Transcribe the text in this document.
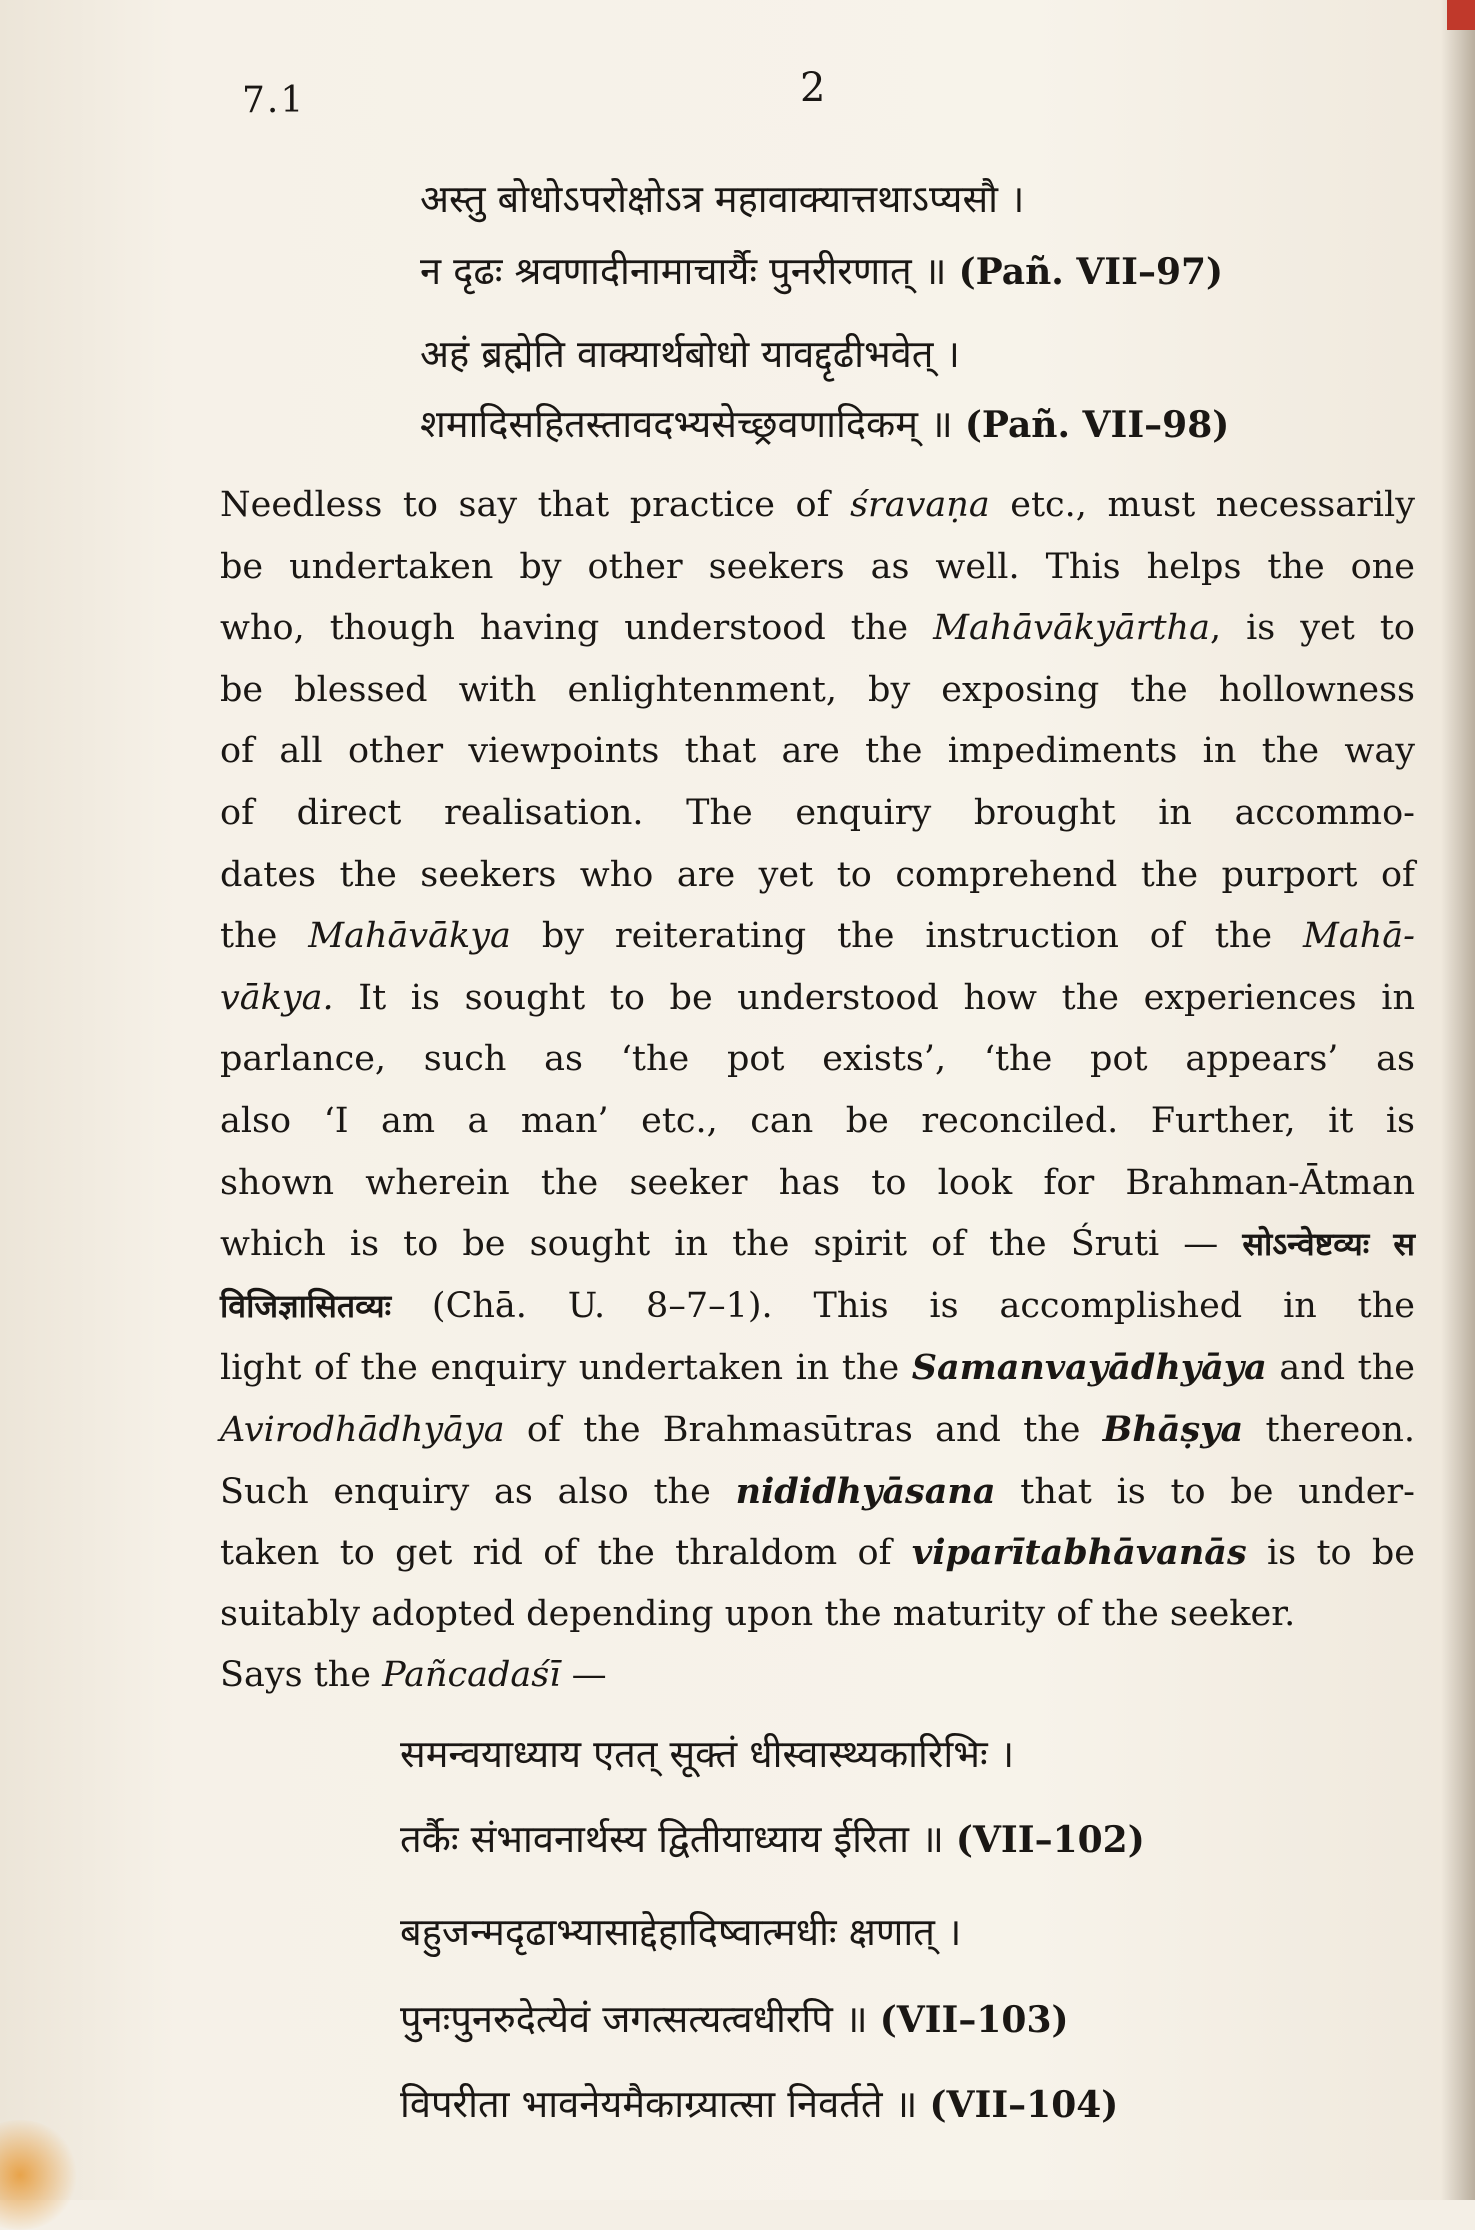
7.1	2
अस्तु बोधोऽपरोक्षोऽत्र महावाक्यात्तथाऽप्यसौ ।
न दृढः श्रवणादीनामाचार्यैः पुनरीरणात् ॥ (Pañ. VII–97)
अहं ब्रह्मेति वाक्यार्थबोधो यावद्दृढीभवेत् ।
शमादिसहितस्तावदभ्यसेच्छ्रवणादिकम् ॥ (Pañ. VII–98)
Needless to say that practice of śravaṇa etc., must necessarily
be undertaken by other seekers as well. This helps the one
who, though having understood the Mahāvākyārtha, is yet to
be blessed with enlightenment, by exposing the hollowness
of all other viewpoints that are the impediments in the way
of direct realisation. The enquiry brought in accommo-
dates the seekers who are yet to comprehend the purport of
the Mahāvākya by reiterating the instruction of the Mahā-
vākya. It is sought to be understood how the experiences in
parlance, such as ‘the pot exists’, ‘the pot appears’ as
also ‘I am a man’ etc., can be reconciled. Further, it is
shown wherein the seeker has to look for Brahman-Ātman
which is to be sought in the spirit of the Śruti — सोऽन्वेष्टव्यः स
विजिज्ञासितव्यः (Chā. U. 8–7–1). This is accomplished in the
light of the enquiry undertaken in the Samanvayādhyāya and the
Avirodhādhyāya of the Brahmasūtras and the Bhāṣya thereon.
Such enquiry as also the nididhyāsana that is to be under-
taken to get rid of the thraldom of viparītabhāvanās is to be
suitably adopted depending upon the maturity of the seeker.
Says the Pañcadaśī —
समन्वयाध्याय एतत् सूक्तं धीस्वास्थ्यकारिभिः ।
तर्कैः संभावनार्थस्य द्वितीयाध्याय ईरिता ॥ (VII–102)
बहुजन्मदृढाभ्यासाद्देहादिष्वात्मधीः क्षणात् ।
पुनःपुनरुदेत्येवं जगत्सत्यत्वधीरपि ॥ (VII–103)
विपरीता भावनेयमैकाग्र्यात्सा निवर्तते ॥ (VII–104)
